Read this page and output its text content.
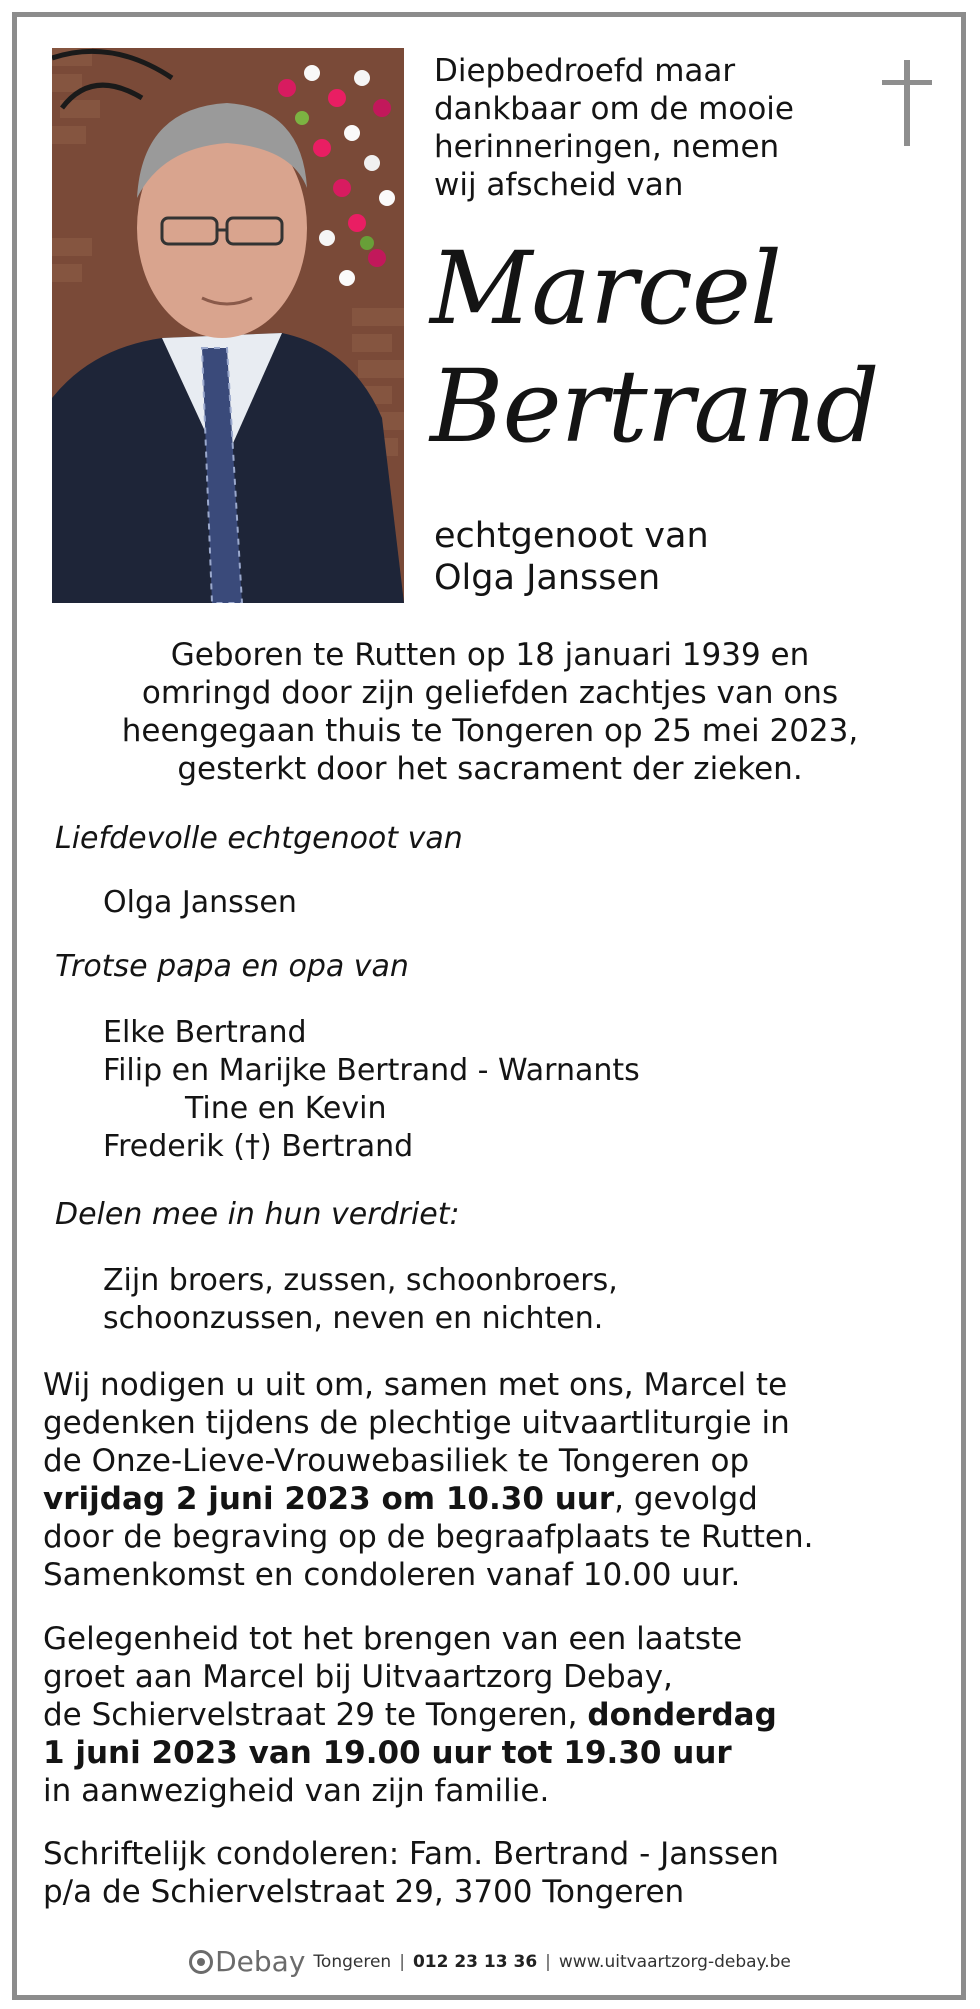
Diepbedroefd maar
dankbaar om de mooie
herinneringen, nemen
wij afscheid van
Marcel
Bertrand
echtgenoot van
Olga Janssen
Geboren te Rutten op 18 januari 1939 en
omringd door zijn geliefden zachtjes van ons
heengegaan thuis te Tongeren op 25 mei 2023,
gesterkt door het sacrament der zieken.
Liefdevolle echtgenoot van
Olga Janssen
Trotse papa en opa van
Elke Bertrand
Filip en Marijke Bertrand - Warnants
Tine en Kevin
Frederik (†) Bertrand
Delen mee in hun verdriet:
Zijn broers, zussen, schoonbroers,
schoonzussen, neven en nichten.
Wij nodigen u uit om, samen met ons, Marcel te
gedenken tijdens de plechtige uitvaartliturgie in
de Onze-Lieve-Vrouwebasiliek te Tongeren op
vrijdag 2 juni 2023 om 10.30 uur, gevolgd
door de begraving op de begraafplaats te Rutten.
Samenkomst en condoleren vanaf 10.00 uur.
Gelegenheid tot het brengen van een laatste
groet aan Marcel bij Uitvaartzorg Debay,
de Schiervelstraat 29 te Tongeren, donderdag
1 juni 2023 van 19.00 uur tot 19.30 uur
in aanwezigheid van zijn familie.
Schriftelijk condoleren: Fam. Bertrand - Janssen
p/a de Schiervelstraat 29, 3700 Tongeren
Debay Tongeren | 012 23 13 36 | www.uitvaartzorg-debay.be
